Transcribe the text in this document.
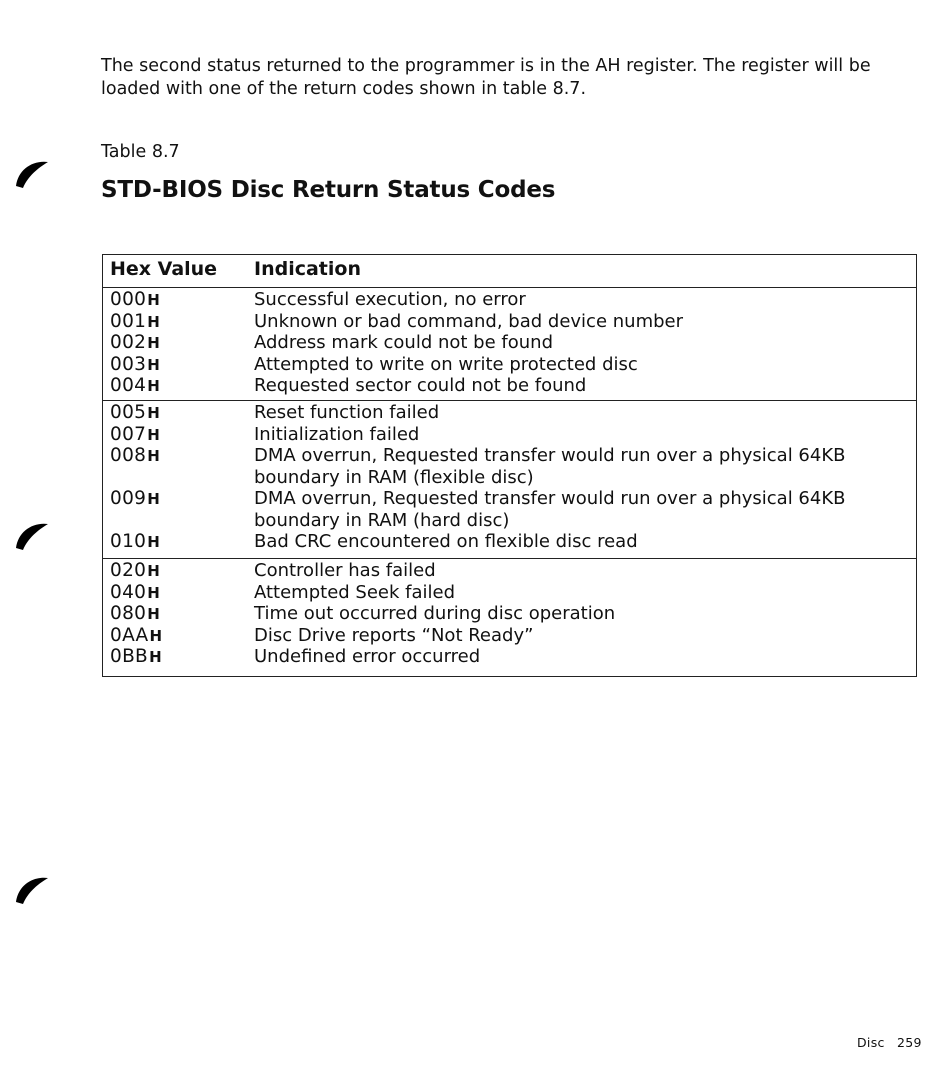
The second status returned to the programmer is in the AH register. The register will be loaded with one of the return codes shown in table 8.7.

Table 8.7

STD-BIOS Disc Return Status Codes
Hex Value Indication
000H	Successful execution, no error
001H	Unknown or bad command, bad device number
002H	Address mark could not be found
003H	Attempted to write on write protected disc
004H	Requested sector could not be found
005H	Reset function failed
007H	Initialization failed
008H	DMA overrun, Requested transfer would run over a physical 64KB
boundary in RAM (flexible disc)
009H	DMA overrun, Requested transfer would run over a physical 64KB
boundary in RAM (hard disc)
010H	Bad CRC encountered on flexible disc read
020H	Controller has failed
040H	Attempted Seek failed
080H	Time out occurred during disc operation
0AAH	Disc Drive reports “Not Ready”
0BBH	Undefined error occurred
Disc 259
